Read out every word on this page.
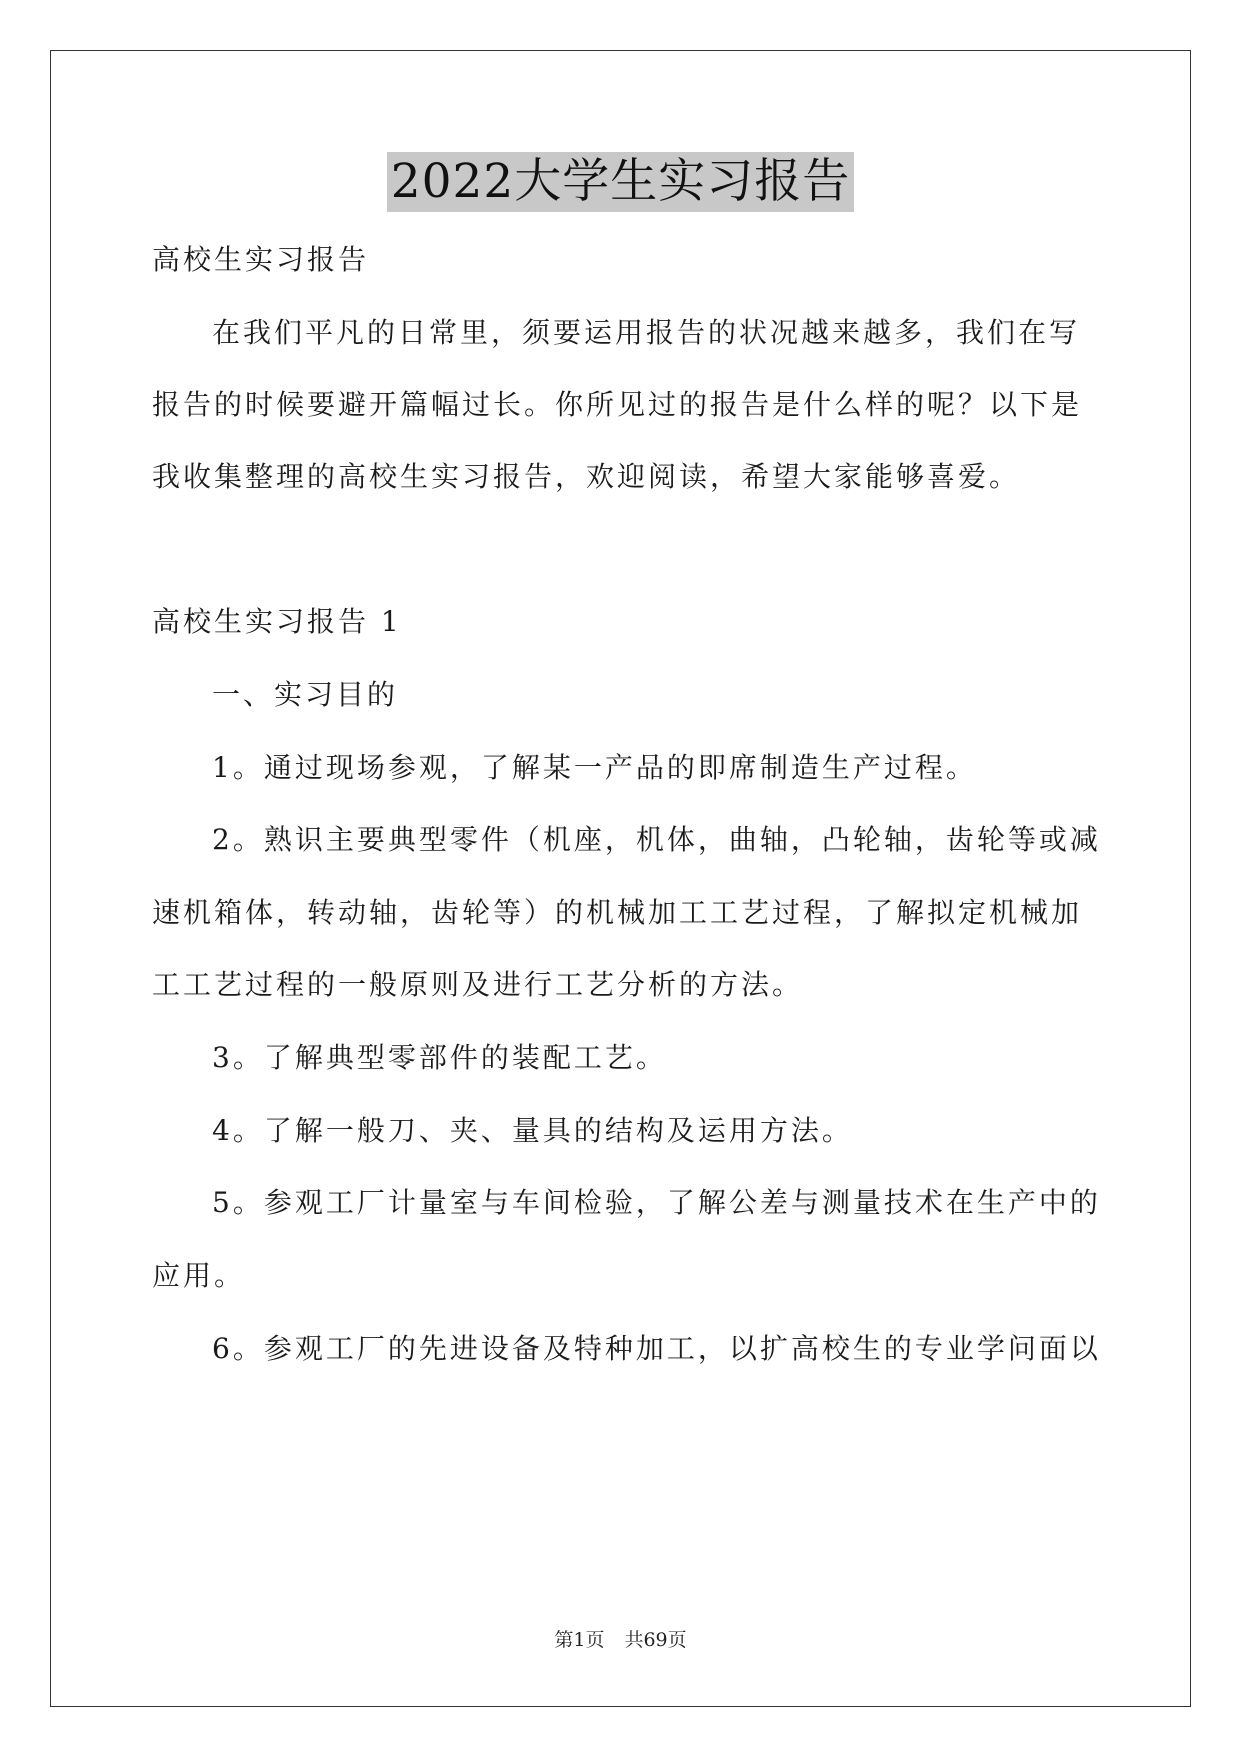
2022大学生实习报告
高校生实习报告
在我们平凡的日常里，须要运用报告的状况越来越多，我们在写
报告的时候要避开篇幅过长。你所见过的报告是什么样的呢？以下是
我收集整理的高校生实习报告，欢迎阅读，希望大家能够喜爱。
高校生实习报告 1
一、实习目的
1。通过现场参观，了解某一产品的即席制造生产过程。
2。熟识主要典型零件（机座，机体，曲轴，凸轮轴，齿轮等或减
速机箱体，转动轴，齿轮等）的机械加工工艺过程，了解拟定机械加
工工艺过程的一般原则及进行工艺分析的方法。
3。了解典型零部件的装配工艺。
4。了解一般刀、夹、量具的结构及运用方法。
5。参观工厂计量室与车间检验，了解公差与测量技术在生产中的
应用。
6。参观工厂的先进设备及特种加工，以扩高校生的专业学问面以
第1页 共69页
